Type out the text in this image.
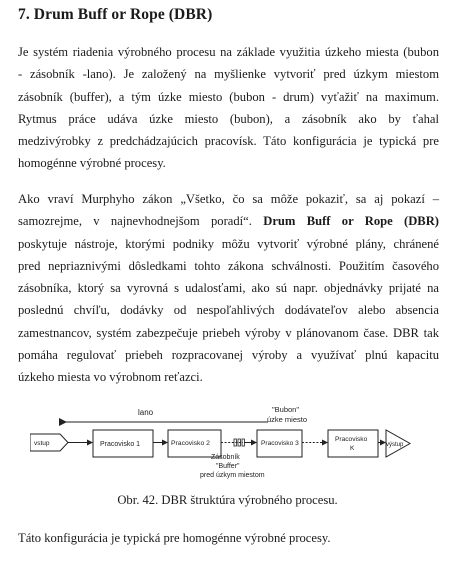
7. Drum Buff or Rope (DBR)

Je systém riadenia výrobného procesu na základe využitia úzkeho miesta (bubon
- zásobník -lano). Je založený na myšlienke vytvoriť pred úzkym miestom
zásobník (buffer), a tým úzke miesto (bubon - drum) vyťažiť na maximum.
Rytmus práce udáva úzke miesto (bubon), a zásobník ako by ťahal
medzivýrobky z predchádzajúcich pracovísk. Táto konfigurácia je typická pre
homogénne výrobné procesy.

Ako vraví Murphyho zákon „Všetko, čo sa môže pokaziť, sa aj pokazí –
samozrejme, v najnevhodnejšom poradí“. Drum Buff or Rope (DBR)
poskytuje nástroje, ktorými podniky môžu vytvoriť výrobné plány, chránené
pred nepriaznivými dôsledkami tohto zákona schválnosti. Použitím časového
zásobníka, ktorý sa vyrovná s udalosťami, ako sú napr. objednávky prijaté na
poslednú chvíľu, dodávky od nespoľahlivých dodávateľov alebo absencia
zamestnancov, systém zabezpečuje priebeh výroby v plánovanom čase. DBR tak
pomáha regulovať priebeh rozpracovanej výroby a využívať plnú kapacitu
úzkeho miesta vo výrobnom reťazci.

lano	"Bubon"
úzke miesto
vstup	Pracovisko 1	Pracovisko 2	Pracovisko 3
Pracovisko
K	výstup
Zásobník
"Buffer"
pred úzkym miestom
Obr. 42. DBR štruktúra výrobného procesu.
Táto konfigurácia je typická pre homogénne výrobné procesy.
